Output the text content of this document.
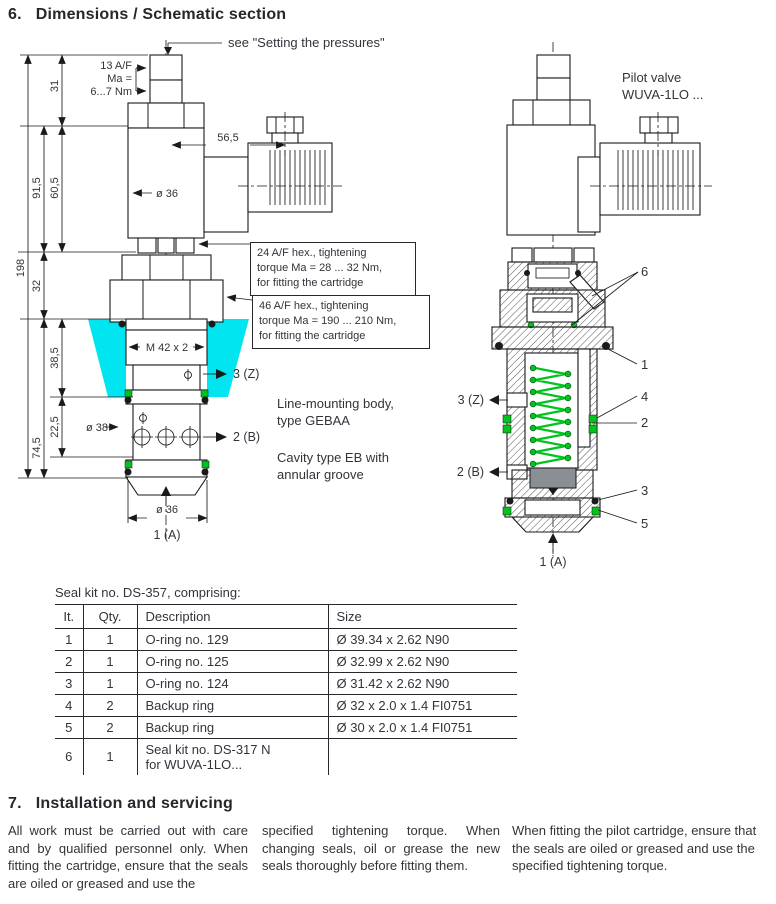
6. Dimensions / Schematic section
see "Setting the pressures"
13 A/F
Ma =
6...7 Nm
56,5
ø 36
198
91,5
32
74,5
31
60,5
38,5
22,5
M 42 x 2
ø 38
ø 36
3 (Z)
2 (B)
1 (A)
3 (Z)
2 (B)
1 (A)
6
1
4
2
3
5
24 A/F hex., tightening
torque Ma = 28 ... 32 Nm,
for fitting the cartridge
46 A/F hex., tightening
torque Ma = 190 ... 210 Nm,
for fitting the cartridge
Line-mounting body,
type GEBAA
Cavity type EB with
annular groove
Pilot valve
WUVA-1LO ...
Seal kit no. DS-357, comprising:
It.	Qty.	Description	Size
1	1	O-ring no. 129	Ø 39.34 x 2.62 N90
2	1	O-ring no. 125	Ø 32.99 x 2.62 N90
3	1	O-ring no. 124	Ø 31.42 x 2.62 N90
4	2	Backup ring	Ø 32 x 2.0 x 1.4 FI0751
5	2	Backup ring	Ø 30 x 2.0 x 1.4 FI0751
6	1	Seal kit no. DS-317 N
for WUVA-1LO...	

7. Installation and servicing
All work must be carried out with care and by qualified personnel only. When fitting the cartridge, ensure that the seals are oiled or greased and use the
specified tightening torque. When changing seals, oil or grease the new seals thoroughly before fitting them.
When fitting the pilot cartridge, ensure that the seals are oiled or greased and use the specified tightening torque.
